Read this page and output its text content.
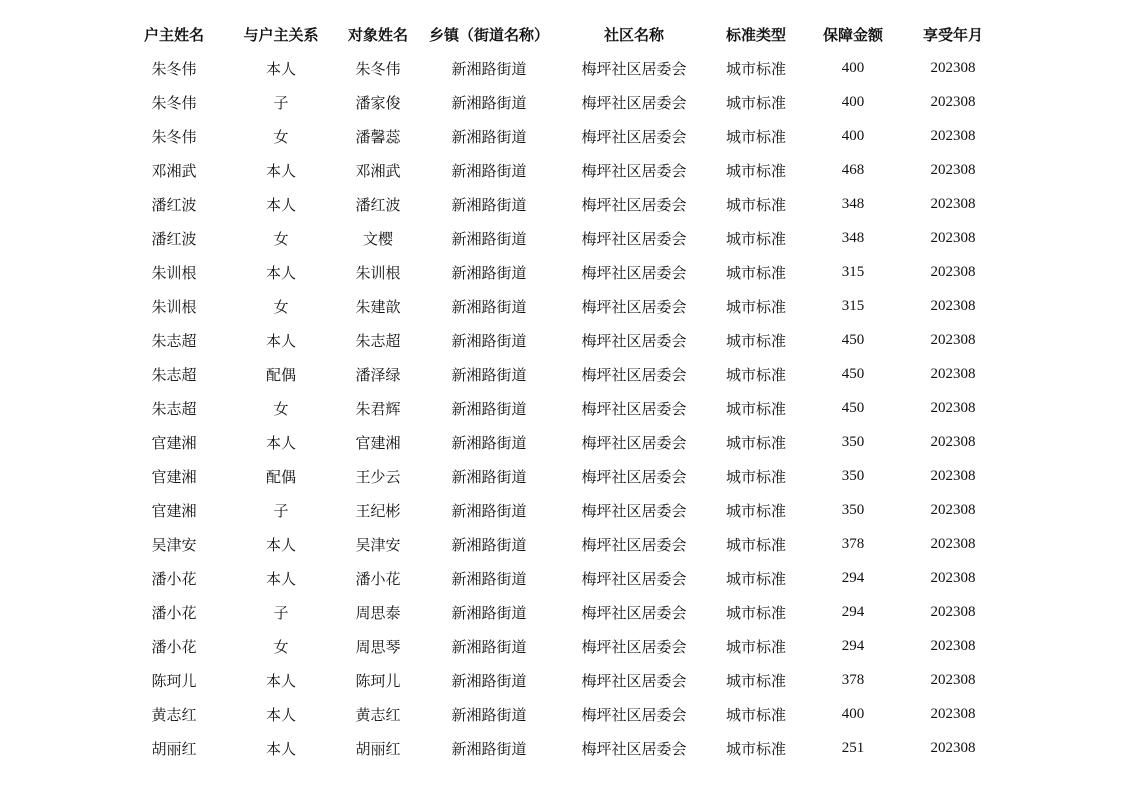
户主姓名	与户主关系	对象姓名	乡镇（街道名称）	社区名称	标准类型	保障金额	享受年月
朱冬伟	本人	朱冬伟	新湘路街道	梅坪社区居委会	城市标准	400	202308
朱冬伟	子	潘家俊	新湘路街道	梅坪社区居委会	城市标准	400	202308
朱冬伟	女	潘馨蕊	新湘路街道	梅坪社区居委会	城市标准	400	202308
邓湘武	本人	邓湘武	新湘路街道	梅坪社区居委会	城市标准	468	202308
潘红波	本人	潘红波	新湘路街道	梅坪社区居委会	城市标准	348	202308
潘红波	女	文樱	新湘路街道	梅坪社区居委会	城市标准	348	202308
朱训根	本人	朱训根	新湘路街道	梅坪社区居委会	城市标准	315	202308
朱训根	女	朱建歆	新湘路街道	梅坪社区居委会	城市标准	315	202308
朱志超	本人	朱志超	新湘路街道	梅坪社区居委会	城市标准	450	202308
朱志超	配偶	潘泽绿	新湘路街道	梅坪社区居委会	城市标准	450	202308
朱志超	女	朱君辉	新湘路街道	梅坪社区居委会	城市标准	450	202308
官建湘	本人	官建湘	新湘路街道	梅坪社区居委会	城市标准	350	202308
官建湘	配偶	王少云	新湘路街道	梅坪社区居委会	城市标准	350	202308
官建湘	子	王纪彬	新湘路街道	梅坪社区居委会	城市标准	350	202308
吴津安	本人	吴津安	新湘路街道	梅坪社区居委会	城市标准	378	202308
潘小花	本人	潘小花	新湘路街道	梅坪社区居委会	城市标准	294	202308
潘小花	子	周思泰	新湘路街道	梅坪社区居委会	城市标准	294	202308
潘小花	女	周思琴	新湘路街道	梅坪社区居委会	城市标准	294	202308
陈珂儿	本人	陈珂儿	新湘路街道	梅坪社区居委会	城市标准	378	202308
黄志红	本人	黄志红	新湘路街道	梅坪社区居委会	城市标准	400	202308
胡丽红	本人	胡丽红	新湘路街道	梅坪社区居委会	城市标准	251	202308
